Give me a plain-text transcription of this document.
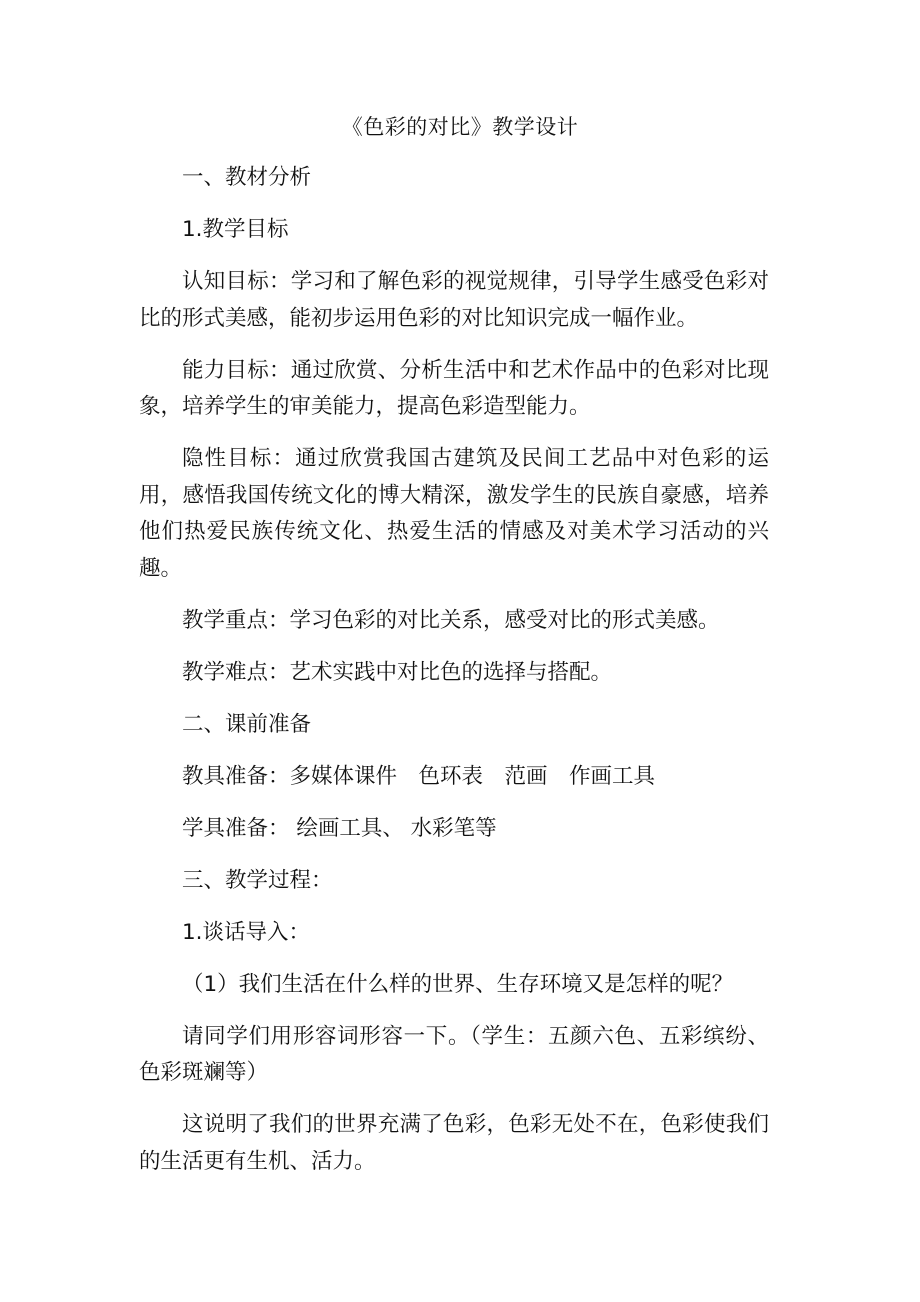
《色彩的对比》教学设计

一、教材分析

1.教学目标

认知目标：学习和了解色彩的视觉规律，引导学生感受色彩对比的形式美感，能初步运用色彩的对比知识完成一幅作业。

能力目标：通过欣赏、分析生活中和艺术作品中的色彩对比现象，培养学生的审美能力，提高色彩造型能力。

隐性目标：通过欣赏我国古建筑及民间工艺品中对色彩的运用，感悟我国传统文化的博大精深，激发学生的民族自豪感，培养他们热爱民族传统文化、热爱生活的情感及对美术学习活动的兴趣。

教学重点：学习色彩的对比关系，感受对比的形式美感。

教学难点：艺术实践中对比色的选择与搭配。

二、课前准备

教具准备：多媒体课件　色环表　范画　作画工具

学具准备： 绘画工具、 水彩笔等

三、教学过程：

1.谈话导入：

（1）我们生活在什么样的世界、生存环境又是怎样的呢？

请同学们用形容词形容一下。（学生：五颜六色、五彩缤纷、色彩斑斓等）

这说明了我们的世界充满了色彩，色彩无处不在，色彩使我们的生活更有生机、活力。
